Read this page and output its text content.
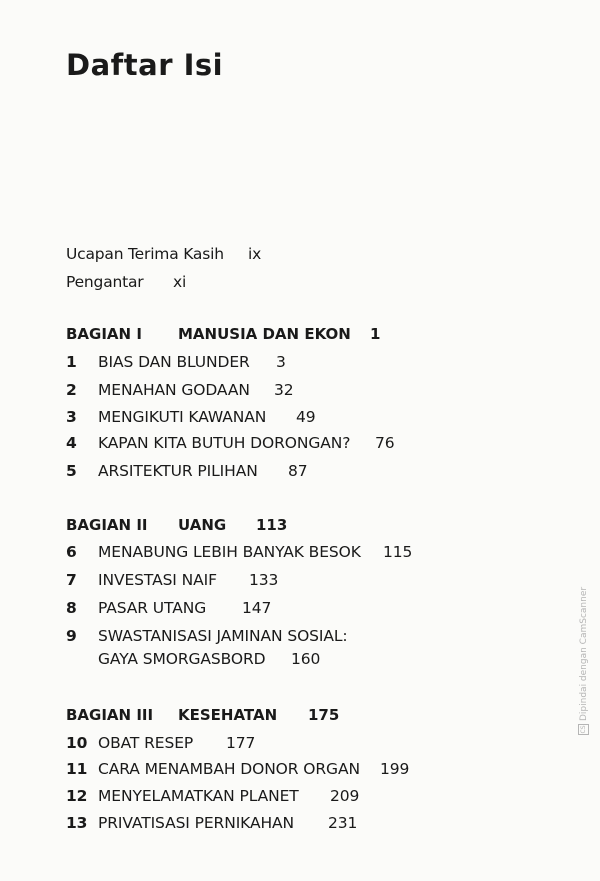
Daftar Isi
Ucapan Terima Kasih ix
Pengantar xi
BAGIAN I MANUSIA DAN EKON 1
1 BIAS DAN BLUNDER 3
2 MENAHAN GODAAN 32
3 MENGIKUTI KAWANAN 49
4 KAPAN KITA BUTUH DORONGAN? 76
5 ARSITEKTUR PILIHAN 87
BAGIAN II UANG 113
6 MENABUNG LEBIH BANYAK BESOK 115
7 INVESTASI NAIF 133
8 PASAR UTANG 147
9 SWASTANISASI JAMINAN SOSIAL:
GAYA SMORGASBORD 160
BAGIAN III KESEHATAN 175
10 OBAT RESEP 177
11 CARA MENAMBAH DONOR ORGAN 199
12 MENYELAMATKAN PLANET 209
13 PRIVATISASI PERNIKAHAN 231
CSDipindai dengan CamScanner
